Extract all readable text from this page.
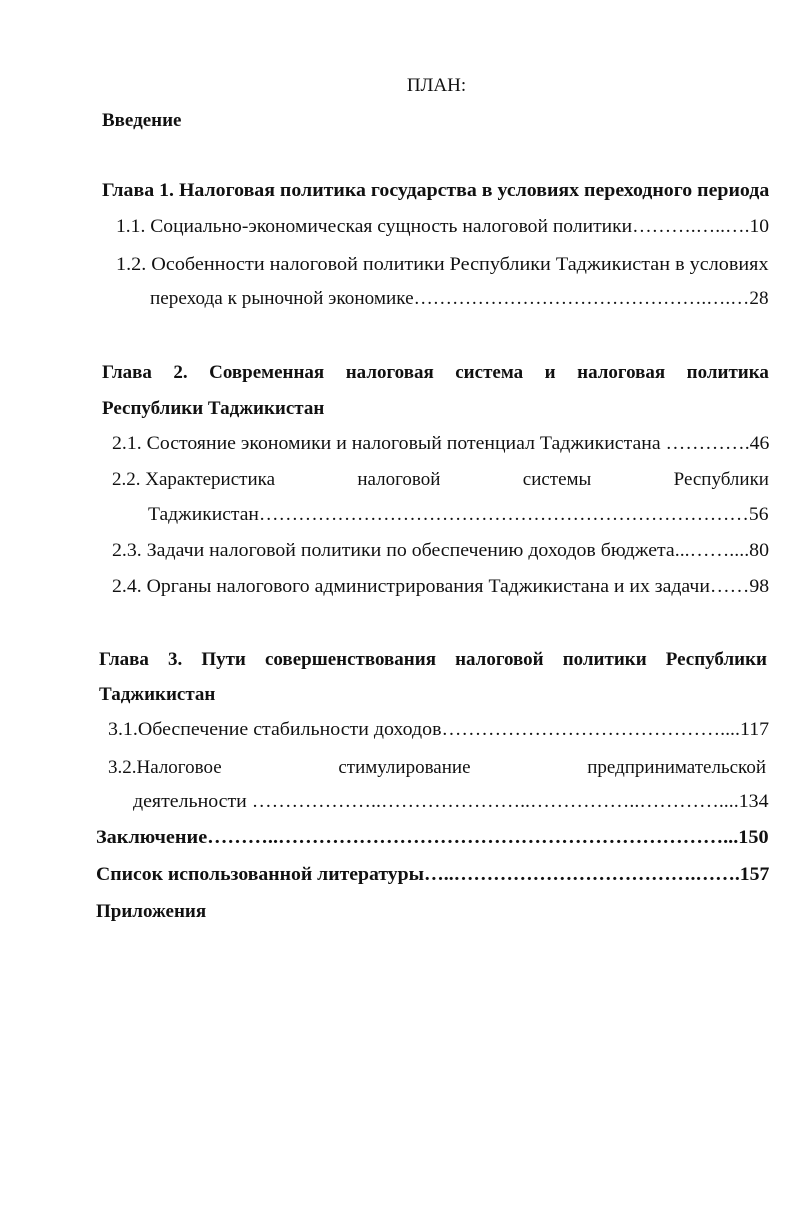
ПЛАН:
Введение
Глава 1. Налоговая политика государства в условиях переходного периода
1.1. Социально-экономическая сущность налоговой политики……….…..….10
1.2. Особенности налоговой политики Республики Таджикистан в условиях
перехода к рыночной экономике……………………………………….….…28
Глава 2. Современная налоговая система и налоговая политика
Республики Таджикистан
2.1. Состояние экономики и налоговый потенциал Таджикистана ………….46
2.2. Характеристика	налоговой	системы	Республики
Таджикистан…………………………………………………………………56
2.3. Задачи налоговой политики по обеспечению доходов бюджета...……....80
2.4. Органы налогового администрирования Таджикистана и их задачи……98
Глава 3. Пути совершенствования налоговой политики Республики
Таджикистан
3.1.Обеспечение стабильности доходов……………………………………....117
3.2.Налоговое	стимулирование	предпринимательской
деятельности ………………..…………………..……………..…………....134
Заключение………..…………………………………………………………...150
Список использованной литературы…..……………………………….…….157
Приложения
